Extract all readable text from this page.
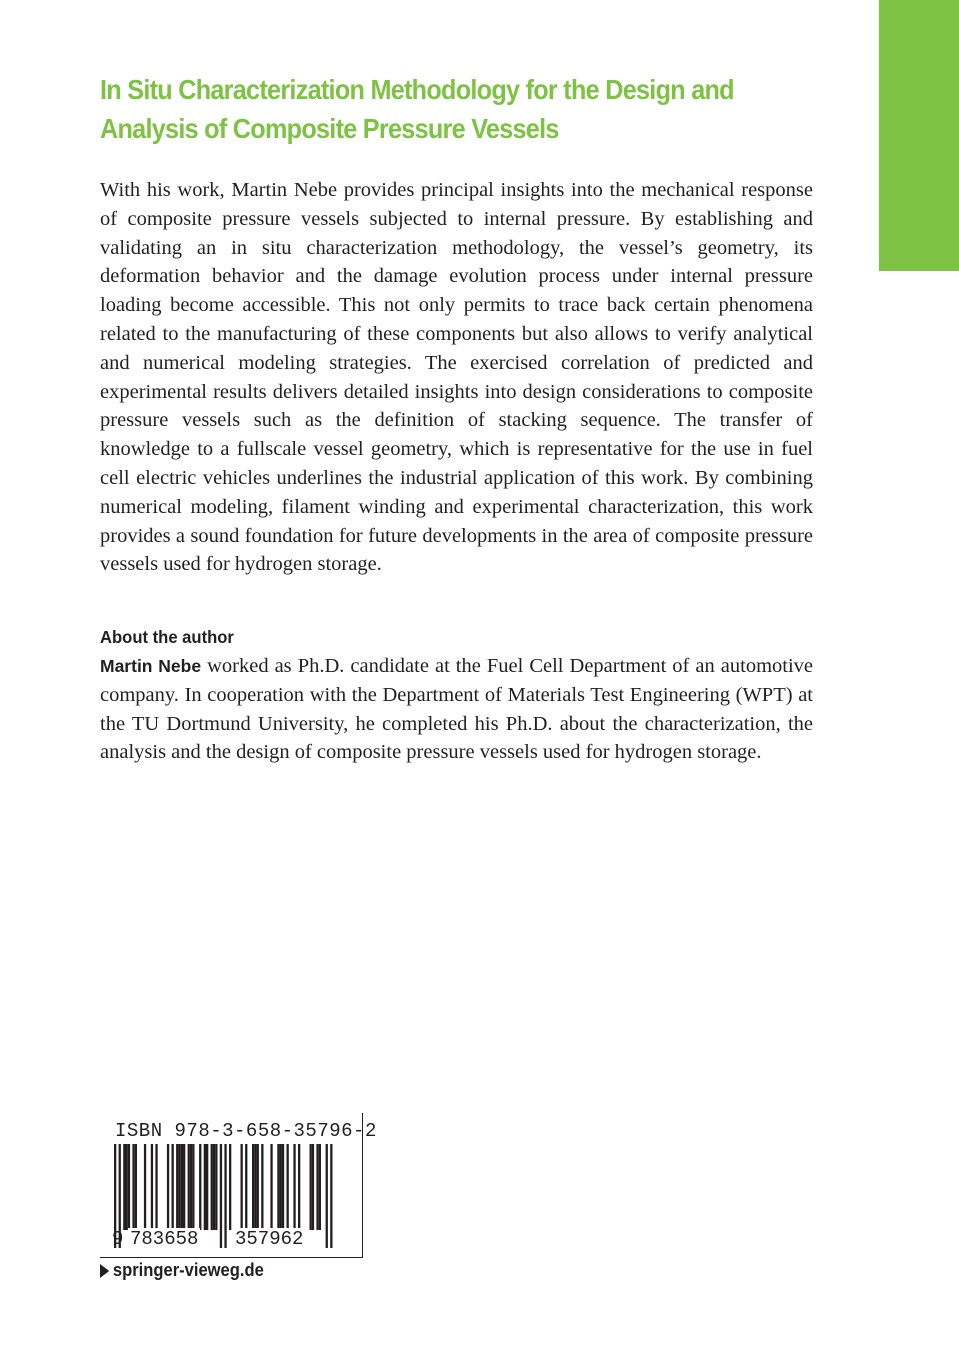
In Situ Characterization Methodology for the Design and Analysis of Composite Pressure Vessels

With his work, Martin Nebe provides principal insights into the mechanical response of composite pressure vessels subjected to internal pressure. By establishing and validating an in situ characterization methodology, the vessel’s geometry, its deformation behavior and the damage evolution process under internal pressure loading become accessible. This not only permits to trace back certain phenomena related to the manufacturing of these components but also allows to verify analytical and numerical modeling strategies. The exercised correlation of predicted and experimental results delivers detailed insights into design considerations to composite pressure vessels such as the definition of stacking sequence. The transfer of knowledge to a fullscale vessel geometry, which is representative for the use in fuel cell electric vehicles underlines the industrial application of this work. By combining numerical modeling, filament winding and experimental characterization, this work provides a sound foundation for future developments in the area of composite pressure vessels used for hydrogen storage.

About the author

Martin Nebe worked as Ph.D. candidate at the Fuel Cell Department of an automotive company. In cooperation with the Department of Materials Test Engineering (WPT) at the TU Dortmund University, he completed his Ph.D. about the characterization, the analysis and the design of composite pressure vessels used for hydrogen storage.

ISBN 978-3-658-35796-2
9 783658 357962
springer-vieweg.de
